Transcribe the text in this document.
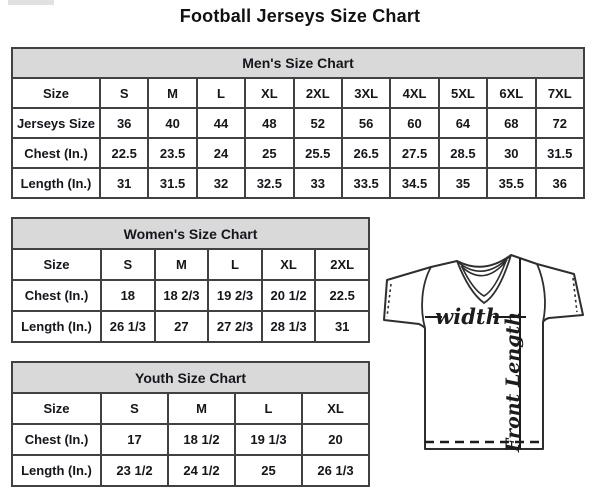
Football Jerseys Size Chart
Men's Size Chart										
Size	S	M	L	XL	2XL	3XL	4XL	5XL	6XL	7XL
Jerseys Size	36	40	44	48	52	56	60	64	68	72
Chest (In.)	22.5	23.5	24	25	25.5	26.5	27.5	28.5	30	31.5
Length (In.)	31	31.5	32	32.5	33	33.5	34.5	35	35.5	36
Women's Size Chart					
Size	S	M	L	XL	2XL
Chest (In.)	18	18 2/3	19 2/3	20 1/2	22.5
Length (In.)	26 1/3	27	27 2/3	28 1/3	31
Youth Size Chart				
Size	S	M	L	XL
Chest (In.)	17	18 1/2	19 1/3	20
Length (In.)	23 1/2	24 1/2	25	26 1/3
width Front Length
